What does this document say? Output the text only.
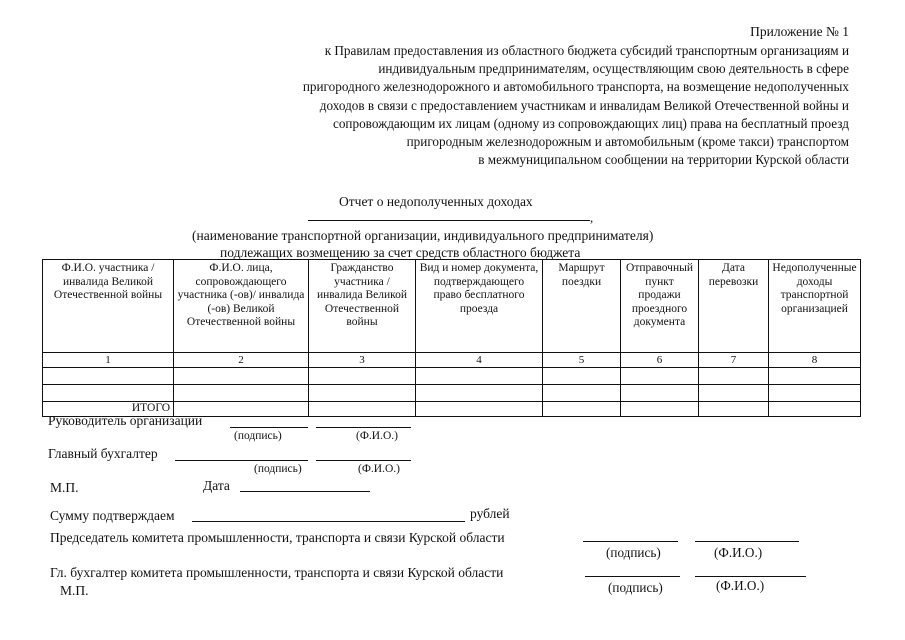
Приложение № 1
к Правилам предоставления из областного бюджета субсидий транспортным организациям и
индивидуальным предпринимателям, осуществляющим свою деятельность в сфере
пригородного железнодорожного и автомобильного транспорта, на возмещение недополученных
доходов в связи с предоставлением участникам и инвалидам Великой Отечественной войны и
сопровождающим их лицам (одному из сопровождающих лиц) права на бесплатный проезд
пригородным железнодорожным и автомобильным (кроме такси) транспортом
в межмуниципальном сообщении на территории Курской области
Отчет о недополученных доходах
,
(наименование транспортной организации, индивидуального предпринимателя)
подлежащих возмещению за счет средств областного бюджета
Ф.И.О. участника / инвалида Великой Отечественной войны	Ф.И.О. лица, сопровождающего участника (-ов)/ инвалида (-ов) Великой Отечественной войны	Гражданство участника / инвалида Великой Отечественной войны	Вид и номер документа, подтверждающего право бесплатного проезда	Маршрут поездки	Отправочный пункт продажи проездного документа	Дата перевозки	Недополученные доходы транспортной организацией
1	2	3	4	5	6	7	8

ИТОГО							
Руководитель организации
(подпись)	(Ф.И.О.)
Главный бухгалтер
(подпись)	(Ф.И.О.)
М.П.	Дата
Сумму подтверждаем	рублей
Председатель комитета промышленности, транспорта и связи Курской области
(подпись)	(Ф.И.О.)
Гл. бухгалтер комитета промышленности, транспорта и связи Курской области
(подпись)	(Ф.И.О.)
М.П.
